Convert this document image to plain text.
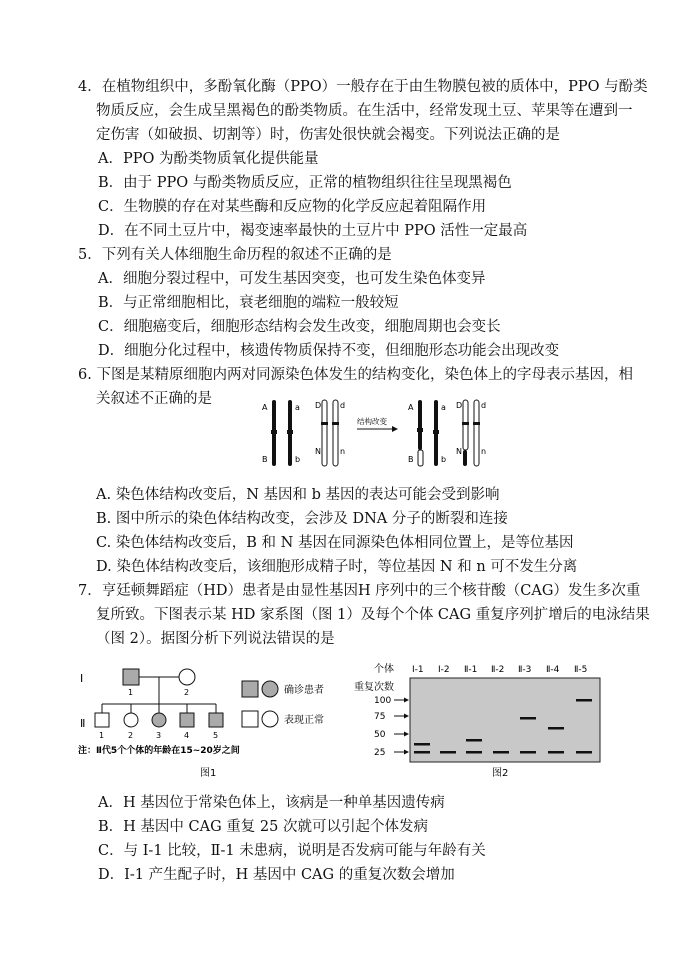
4．在植物组织中，多酚氧化酶（PPO）一般存在于由生物膜包被的质体中，PPO 与酚类
物质反应，会生成呈黑褐色的酚类物质。在生活中，经常发现土豆、苹果等在遭到一
定伤害（如破损、切割等）时，伤害处很快就会褐变。下列说法正确的是
A．PPO 为酚类物质氧化提供能量
B．由于 PPO 与酚类物质反应，正常的植物组织往往呈现黑褐色
C．生物膜的存在对某些酶和反应物的化学反应起着阻隔作用
D．在不同土豆片中，褐变速率最快的土豆片中 PPO 活性一定最高
5．下列有关人体细胞生命历程的叙述不正确的是
A．细胞分裂过程中，可发生基因突变，也可发生染色体变异
B．与正常细胞相比，衰老细胞的端粒一般较短
C．细胞癌变后，细胞形态结构会发生改变，细胞周期也会变长
D．细胞分化过程中，核遗传物质保持不变，但细胞形态功能会出现改变
6. 下图是某精原细胞内两对同源染色体发生的结构变化，染色体上的字母表示基因，相
关叙述不正确的是
A	a
B	b
D d
N n
结构改变
A	a
B	b
D d
N n
A. 染色体结构改变后，N 基因和 b 基因的表达可能会受到影响
B. 图中所示的染色体结构改变，会涉及 DNA 分子的断裂和连接
C. 染色体结构改变后，B 和 N 基因在同源染色体相同位置上，是等位基因
D. 染色体结构改变后，该细胞形成精子时，等位基因 N 和 n 可不发生分离
7．亨廷顿舞蹈症（HD）患者是由显性基因H 序列中的三个核苷酸（CAG）发生多次重
复所致。下图表示某 HD 家系图（图 1）及每个个体 CAG 重复序列扩增后的电泳结果
（图 2）。据图分析下列说法错误的是
Ⅰ
Ⅱ
1	2
1	2	3	4	5
确诊患者
表现正常
注：Ⅱ代5个个体的年龄在15~20岁之间
图1
个体 Ⅰ-1 Ⅰ-2 Ⅱ-1 Ⅱ-2 Ⅱ-3 Ⅱ-4 Ⅱ-5
重复次数
100
75
50
25
图2
A．H 基因位于常染色体上，该病是一种单基因遗传病
B．H 基因中 CAG 重复 25 次就可以引起个体发病
C．与 Ⅰ-1 比较，Ⅱ-1 未患病，说明是否发病可能与年龄有关
D．Ⅰ-1 产生配子时，H 基因中 CAG 的重复次数会增加
